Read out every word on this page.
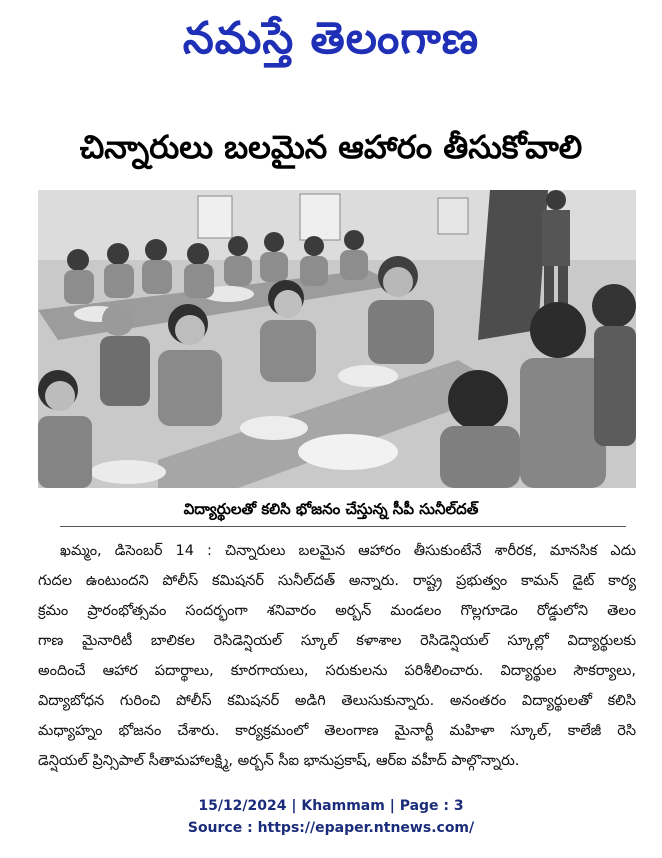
నమస్తే తెలంగాణ
చిన్నారులు బలమైన ఆహారం తీసుకోవాలి
విద్యార్థులతో కలిసి భోజనం చేస్తున్న సీపీ సునీల్‌దత్
ఖమ్మం, డిసెంబర్ 14 : చిన్నారులు బలమైన ఆహారం తీసుకుంటేనే శారీరక, మానసిక ఎదు
గుదల ఉంటుందని పోలీస్ కమిషనర్ సునీల్‌దత్ అన్నారు. రాష్ట్ర ప్రభుత్వం కామన్ డైట్ కార్య
క్రమం ప్రారంభోత్సవం సందర్భంగా శనివారం అర్బన్ మండలం గొల్లగూడెం రోడ్డులోని తెలం
గాణ మైనారిటీ బాలికల రెసిడెన్షియల్ స్కూల్ కళాశాల రెసిడెన్షియల్ స్కూల్లో విద్యార్థులకు
అందించే ఆహార పదార్థాలు, కూరగాయలు, సరుకులను పరిశీలించారు. విద్యార్థుల సౌకర్యాలు,
విద్యాబోధన గురించి పోలీస్ కమిషనర్ అడిగి తెలుసుకున్నారు. అనంతరం విద్యార్థులతో కలిసి
మధ్యాహ్నం భోజనం చేశారు. కార్యక్రమంలో తెలంగాణ మైనార్టీ మహిళా స్కూల్, కాలేజీ రెసి
డెన్షియల్ ప్రిన్సిపాల్ సీతామహాలక్ష్మి, అర్బన్ సీఐ భానుప్రకాష్, ఆర్ఐ వహీద్ పాల్గొన్నారు.
15/12/2024 | Khammam | Page : 3
Source : https://epaper.ntnews.com/
